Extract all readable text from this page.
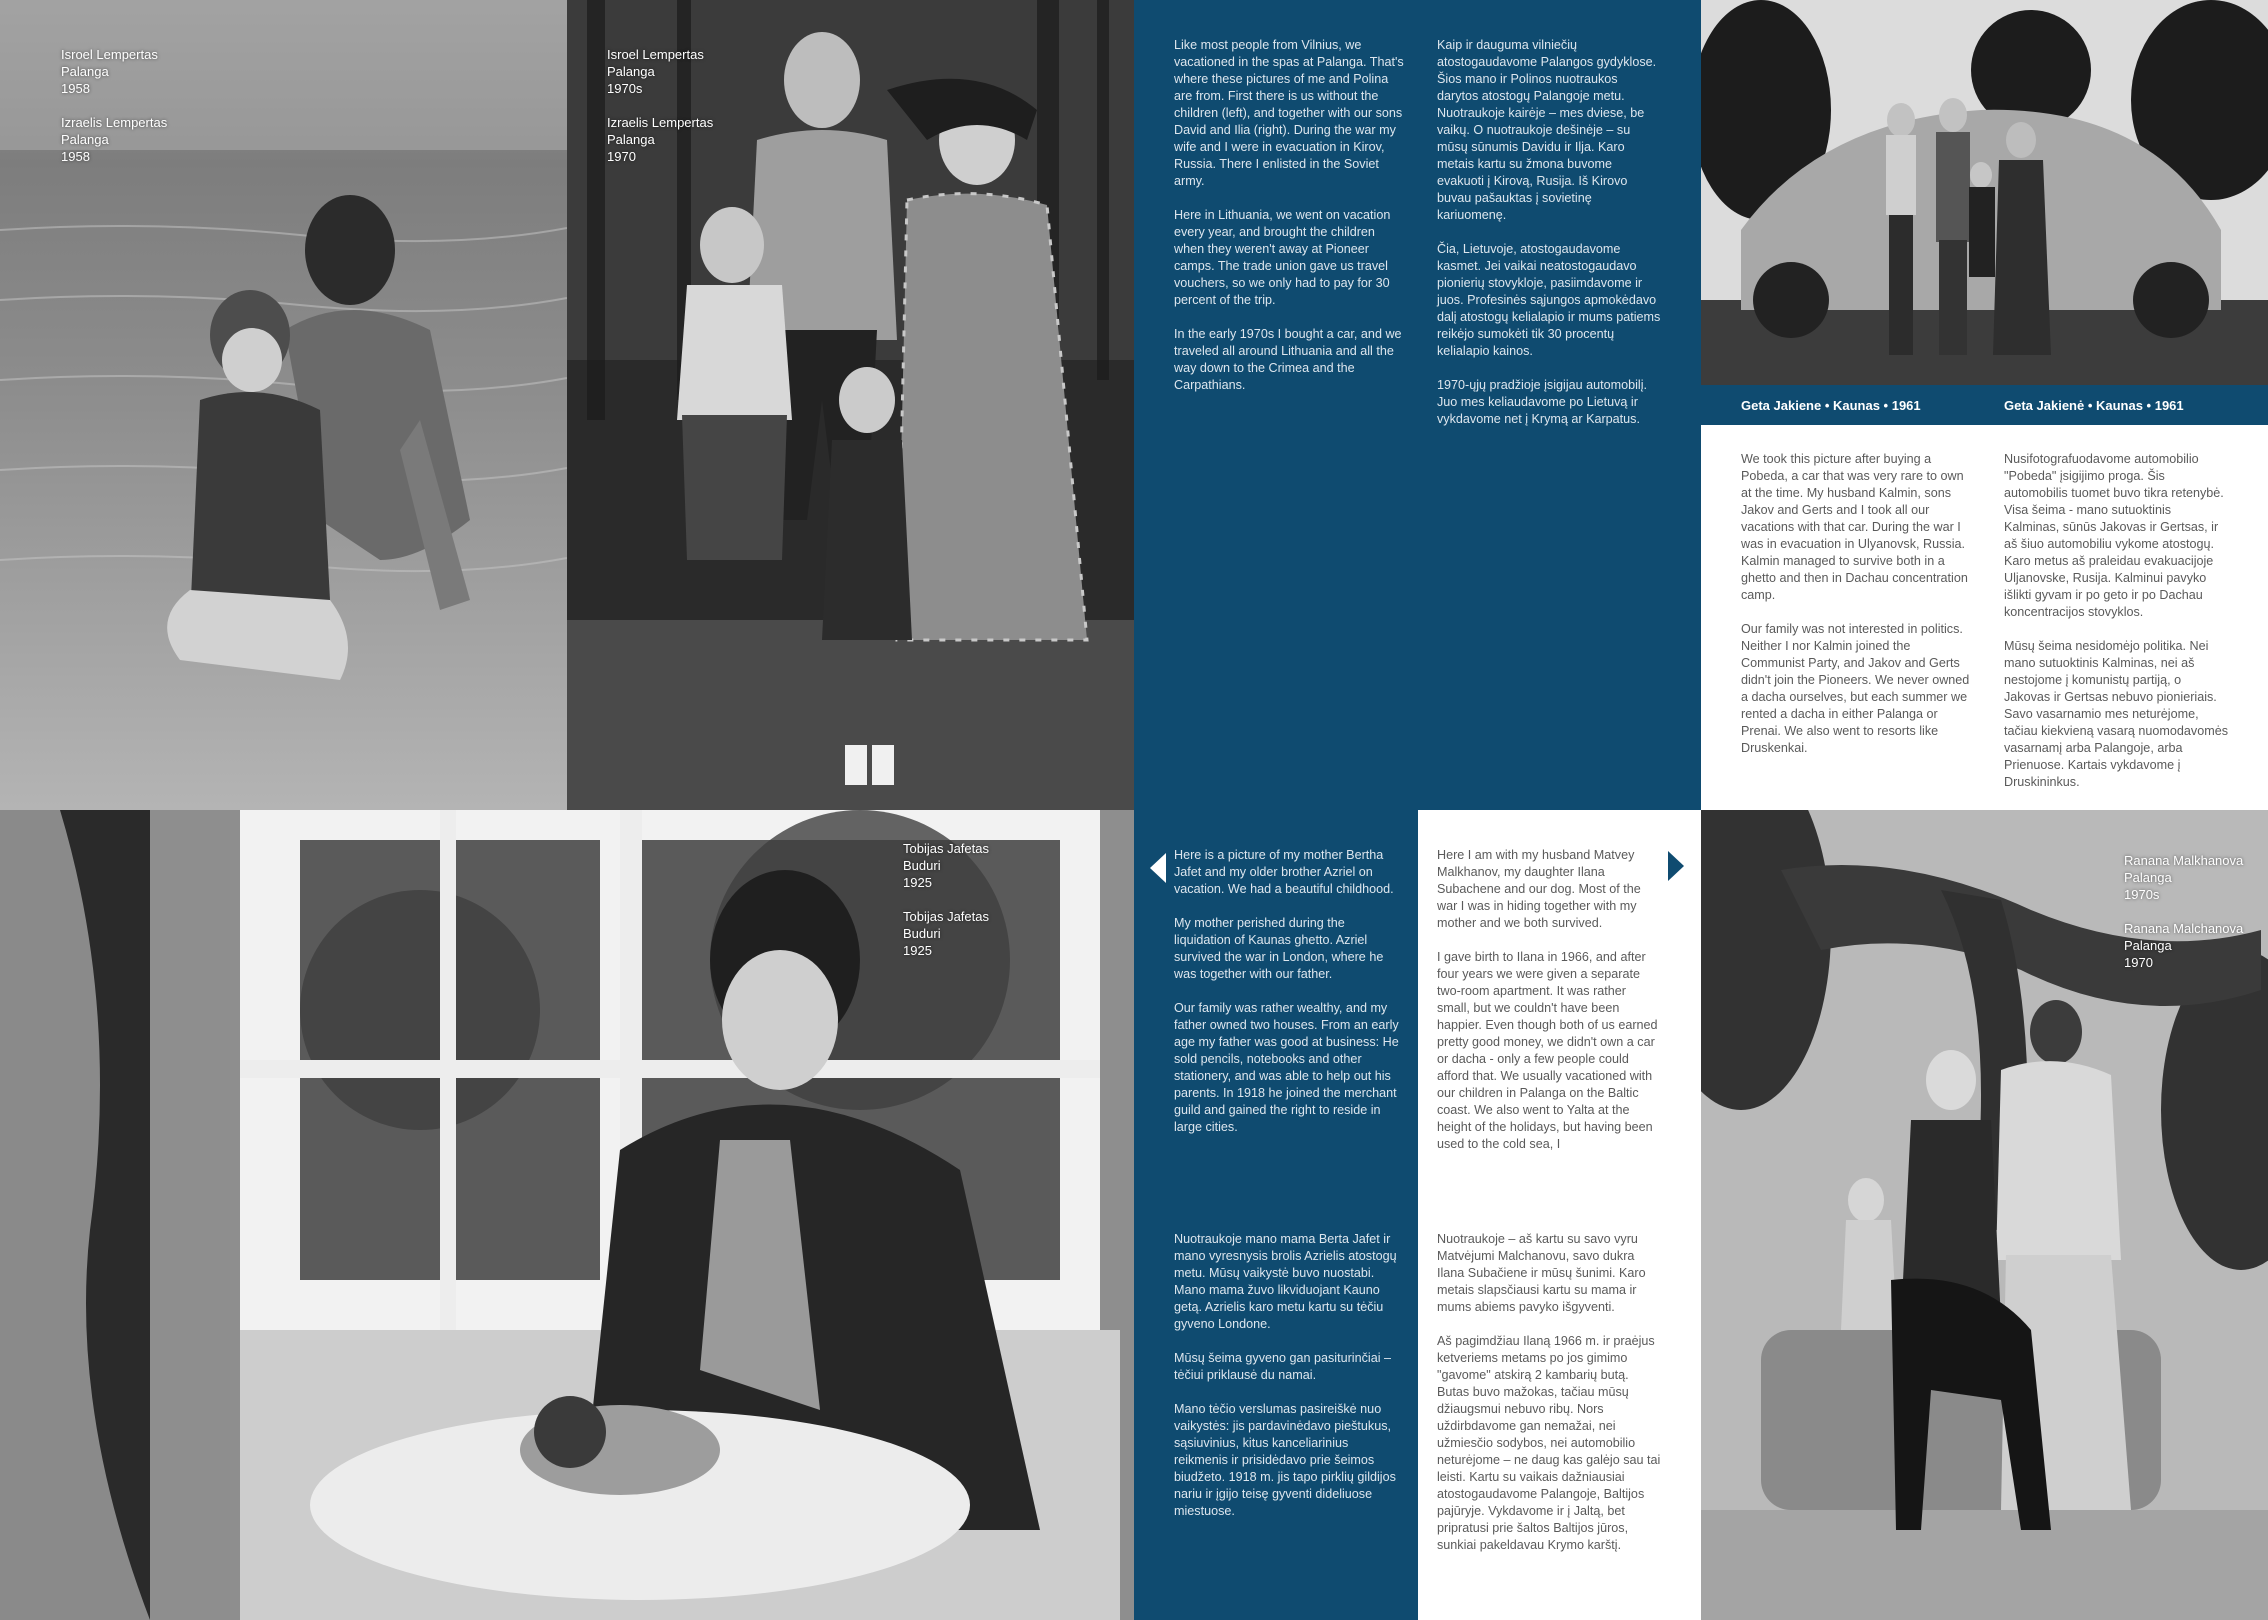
Isroel Lempertas
Palanga
1958
Izraelis Lempertas
Palanga
1958
Isroel Lempertas
Palanga
1970s
Izraelis Lempertas
Palanga
1970

Like most people from Vilnius, we vacationed in the spas at Palanga. That's where these pictures of me and Polina are from. First there is us without the children (left), and together with our sons David and Ilia (right). During the war my wife and I were in evacuation in Kirov, Russia. There I enlisted in the Soviet army.

Here in Lithuania, we went on vacation every year, and brought the children when they weren't away at Pioneer camps. The trade union gave us travel vouchers, so we only had to pay for 30 percent of the trip.

In the early 1970s I bought a car, and we traveled all around Lithuania and all the way down to the Crimea and the Carpathians.

Kaip ir dauguma vilniečių atostogaudavome Palangos gydyklose. Šios mano ir Polinos nuotraukos darytos atostogų Palangoje metu. Nuotraukoje kairėje – mes dviese, be vaikų. O nuotraukoje dešinėje – su mūsų sūnumis Davidu ir Ilja. Karo metais kartu su žmona buvome evakuoti į Kirovą, Rusija. Iš Kirovo buvau pašauktas į sovietinę kariuomenę.

Čia, Lietuvoje, atostogaudavome kasmet. Jei vaikai neatostogaudavo pionierių stovykloje, pasiimdavome ir juos. Profesinės sąjungos apmokėdavo dalį atostogų kelialapio ir mums patiems reikėjo sumokėti tik 30 procentų kelialapio kainos.

1970-ųjų pradžioje įsigijau automobilį. Juo mes keliaudavome po Lietuvą ir vykdavome net į Krymą ar Karpatus.

Geta Jakiene • Kaunas • 1961	Geta Jakienė • Kaunas • 1961

We took this picture after buying a Pobeda, a car that was very rare to own at the time. My husband Kalmin, sons Jakov and Gerts and I took all our vacations with that car. During the war I was in evacuation in Ulyanovsk, Russia. Kalmin managed to survive both in a ghetto and then in Dachau concentration camp.

Our family was not interested in politics. Neither I nor Kalmin joined the Communist Party, and Jakov and Gerts didn't join the Pioneers. We never owned a dacha ourselves, but each summer we rented a dacha in either Palanga or Prenai. We also went to resorts like Druskenkai.

Nusifotografuodavome automobilio "Pobeda" įsigijimo proga. Šis automobilis tuomet buvo tikra retenybė. Visa šeima - mano sutuoktinis Kalminas, sūnūs Jakovas ir Gertsas, ir aš šiuo automobiliu vykome atostogų. Karo metus aš praleidau evakuacijoje Uljanovske, Rusija. Kalminui pavyko išlikti gyvam ir po geto ir po Dachau koncentracijos stovyklos.

Mūsų šeima nesidomėjo politika. Nei mano sutuoktinis Kalminas, nei aš nestojome į komunistų partiją, o Jakovas ir Gertsas nebuvo pionieriais. Savo vasarnamio mes neturėjome, tačiau kiekvieną vasarą nuomodavomės vasarnamį arba Palangoje, arba Prienuose. Kartais vykdavome į Druskininkus.

Tobijas Jafetas
Buduri
1925
Tobijas Jafetas
Buduri
1925

Here is a picture of my mother Bertha Jafet and my older brother Azriel on vacation. We had a beautiful childhood.

My mother perished during the liquidation of Kaunas ghetto. Azriel survived the war in London, where he was together with our father.

Our family was rather wealthy, and my father owned two houses. From an early age my father was good at business: He sold pencils, notebooks and other stationery, and was able to help out his parents. In 1918 he joined the merchant guild and gained the right to reside in large cities.

Nuotraukoje mano mama Berta Jafet ir mano vyresnysis brolis Azrielis atostogų metu. Mūsų vaikystė buvo nuostabi. Mano mama žuvo likviduojant Kauno getą. Azrielis karo metu kartu su tėčiu gyveno Londone.

Mūsų šeima gyveno gan pasiturinčiai – tėčiui priklausė du namai.

Mano tėčio verslumas pasireiškė nuo vaikystės: jis pardavinėdavo pieštukus, sąsiuvinius, kitus kanceliarinius reikmenis ir prisidėdavo prie šeimos biudžeto. 1918 m. jis tapo pirklių gildijos nariu ir įgijo teisę gyventi dideliuose miestuose.

Here I am with my husband Matvey Malkhanov, my daughter Ilana Subachene and our dog. Most of the war I was in hiding together with my mother and we both survived.

I gave birth to Ilana in 1966, and after four years we were given a separate two-room apartment. It was rather small, but we couldn't have been happier. Even though both of us earned pretty good money, we didn't own a car or dacha - only a few people could afford that. We usually vacationed with our children in Palanga on the Baltic coast. We also went to Yalta at the height of the holidays, but having been used to the cold sea, I

Nuotraukoje – aš kartu su savo vyru Matvėjumi Malchanovu, savo dukra Ilana Subačiene ir mūsų šunimi. Karo metais slapsčiausi kartu su mama ir mums abiems pavyko išgyventi.

Aš pagimdžiau Ilaną 1966 m. ir praėjus ketveriems metams po jos gimimo "gavome" atskirą 2 kambarių butą. Butas buvo mažokas, tačiau mūsų džiaugsmui nebuvo ribų. Nors uždirbdavome gan nemažai, nei užmiesčio sodybos, nei automobilio neturėjome – ne daug kas galėjo sau tai leisti. Kartu su vaikais dažniausiai atostogaudavome Palangoje, Baltijos pajūryje. Vykdavome ir į Jaltą, bet pripratusi prie šaltos Baltijos jūros, sunkiai pakeldavau Krymo karštį.

Ranana Malkhanova
Palanga
1970s
Ranana Malchanova
Palanga
1970
